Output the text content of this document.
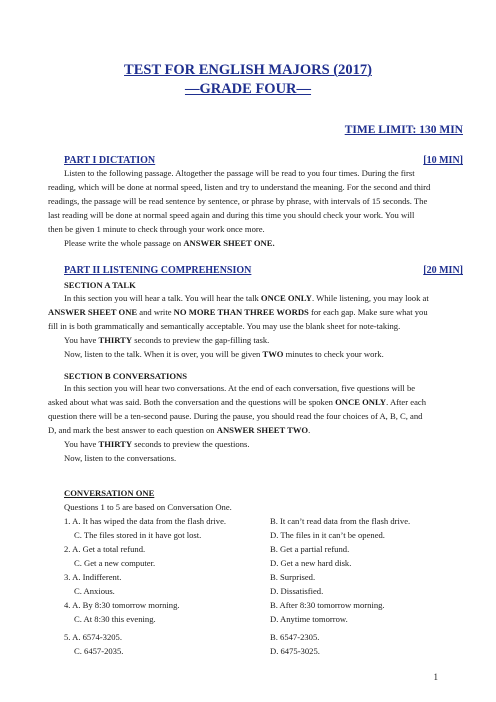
TEST FOR ENGLISH MAJORS (2017)
—GRADE FOUR—
TIME LIMIT: 130 MIN
PART I DICTATION	[10 MIN]
Listen to the following passage. Altogether the passage will be read to you four times. During the first
reading, which will be done at normal speed, listen and try to understand the meaning. For the second and third
readings, the passage will be read sentence by sentence, or phrase by phrase, with intervals of 15 seconds. The
last reading will be done at normal speed again and during this time you should check your work. You will
then be given 1 minute to check through your work once more.
Please write the whole passage on ANSWER SHEET ONE.
PART II LISTENING COMPREHENSION	[20 MIN]
SECTION A TALK
In this section you will hear a talk. You will hear the talk ONCE ONLY. While listening, you may look at
ANSWER SHEET ONE and write NO MORE THAN THREE WORDS for each gap. Make sure what you
fill in is both grammatically and semantically acceptable. You may use the blank sheet for note-taking.
You have THIRTY seconds to preview the gap-filling task.
Now, listen to the talk. When it is over, you will be given TWO minutes to check your work.
SECTION B CONVERSATIONS
In this section you will hear two conversations. At the end of each conversation, five questions will be
asked about what was said. Both the conversation and the questions will be spoken ONCE ONLY. After each
question there will be a ten-second pause. During the pause, you should read the four choices of A, B, C, and
D, and mark the best answer to each question on ANSWER SHEET TWO.
You have THIRTY seconds to preview the questions.
Now, listen to the conversations.
CONVERSATION ONE
Questions 1 to 5 are based on Conversation One.
1. A. It has wiped the data from the flash drive.	B. It can’t read data from the flash drive.
C. The files stored in it have got lost.	D. The files in it can’t be opened.
2. A. Get a total refund.	B. Get a partial refund.
C. Get a new computer.	D. Get a new hard disk.
3. A. Indifferent.	B. Surprised.
C. Anxious.	D. Dissatisfied.
4. A. By 8:30 tomorrow morning.	B. After 8:30 tomorrow morning.
C. At 8:30 this evening.	D. Anytime tomorrow.
5. A. 6574-3205.	B. 6547-2305.
C. 6457-2035.	D. 6475-3025.
1
